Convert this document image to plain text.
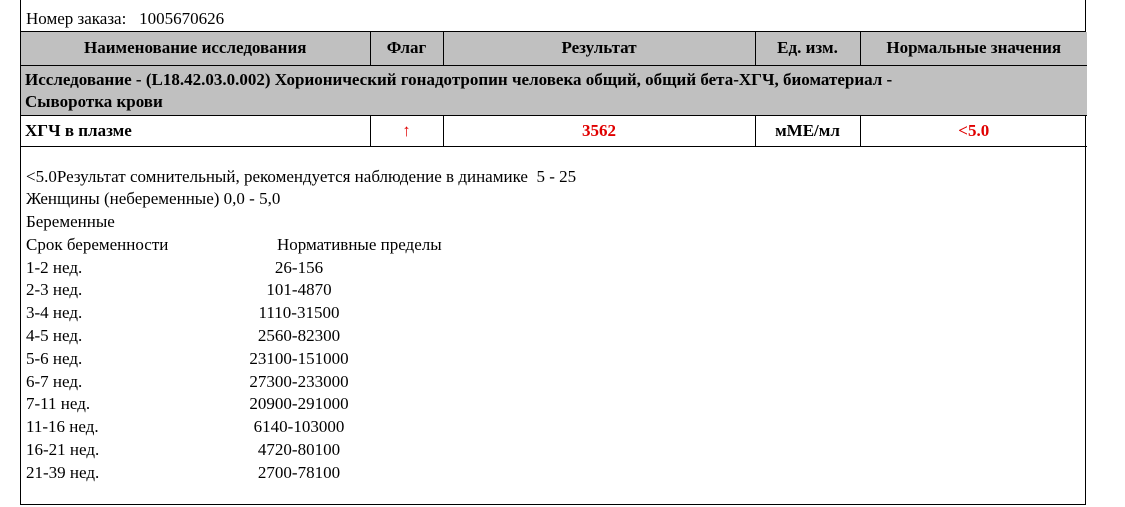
Номер заказа: 1005670626
Наименование исследования	Флаг	Результат	Ед. изм.	Нормальные значения

Исследование - (L18.42.03.0.002) Хорионический гонадотропин человека общий, общий бета-ХГЧ, биоматериал -
Сыворотка крови				

ХГЧ в плазме	↑	3562	мМЕ/мл	<5.0
<5.0Результат сомнительный, рекомендуется наблюдение в динамике  5 - 25
Женщины (небеременные) 0,0 - 5,0
Беременные
Срок беременности	Нормативные пределы
1-2 нед.	26-156
2-3 нед.	101-4870
3-4 нед.	1110-31500
4-5 нед.	2560-82300
5-6 нед.	23100-151000
6-7 нед.	27300-233000
7-11 нед.	20900-291000
11-16 нед.	6140-103000
16-21 нед.	4720-80100
21-39 нед.	2700-78100
